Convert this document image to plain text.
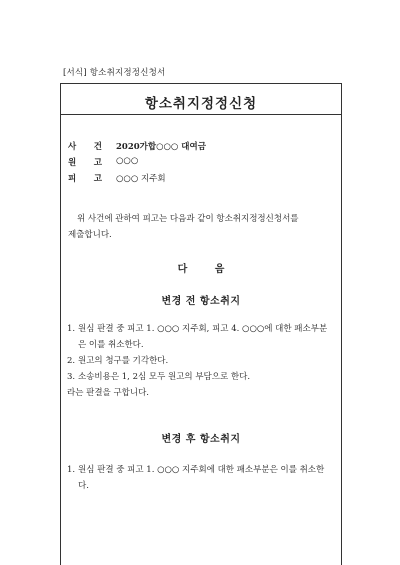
[서식] 항소취지정정신청서
항소취지정정신청
사 건 2020가합○○○ 대여금
원 고 ○○○
피 고 ○○○ 지주회
위 사건에 관하여 피고는 다음과 같이 항소취지정정신청서를 제출합니다.
다 음
변경 전 항소취지
1. 원심 판결 중 피고 1. ○○○ 지주회, 피고 4. ○○○에 대한 패소부분은 이를 취소한다.
2. 원고의 청구를 기각한다.
3. 소송비용은 1, 2심 모두 원고의 부담으로 한다.
라는 판결을 구합니다.
변경 후 항소취지
1. 원심 판결 중 피고 1. ○○○ 지주회에 대한 패소부분은 이를 취소한다.
